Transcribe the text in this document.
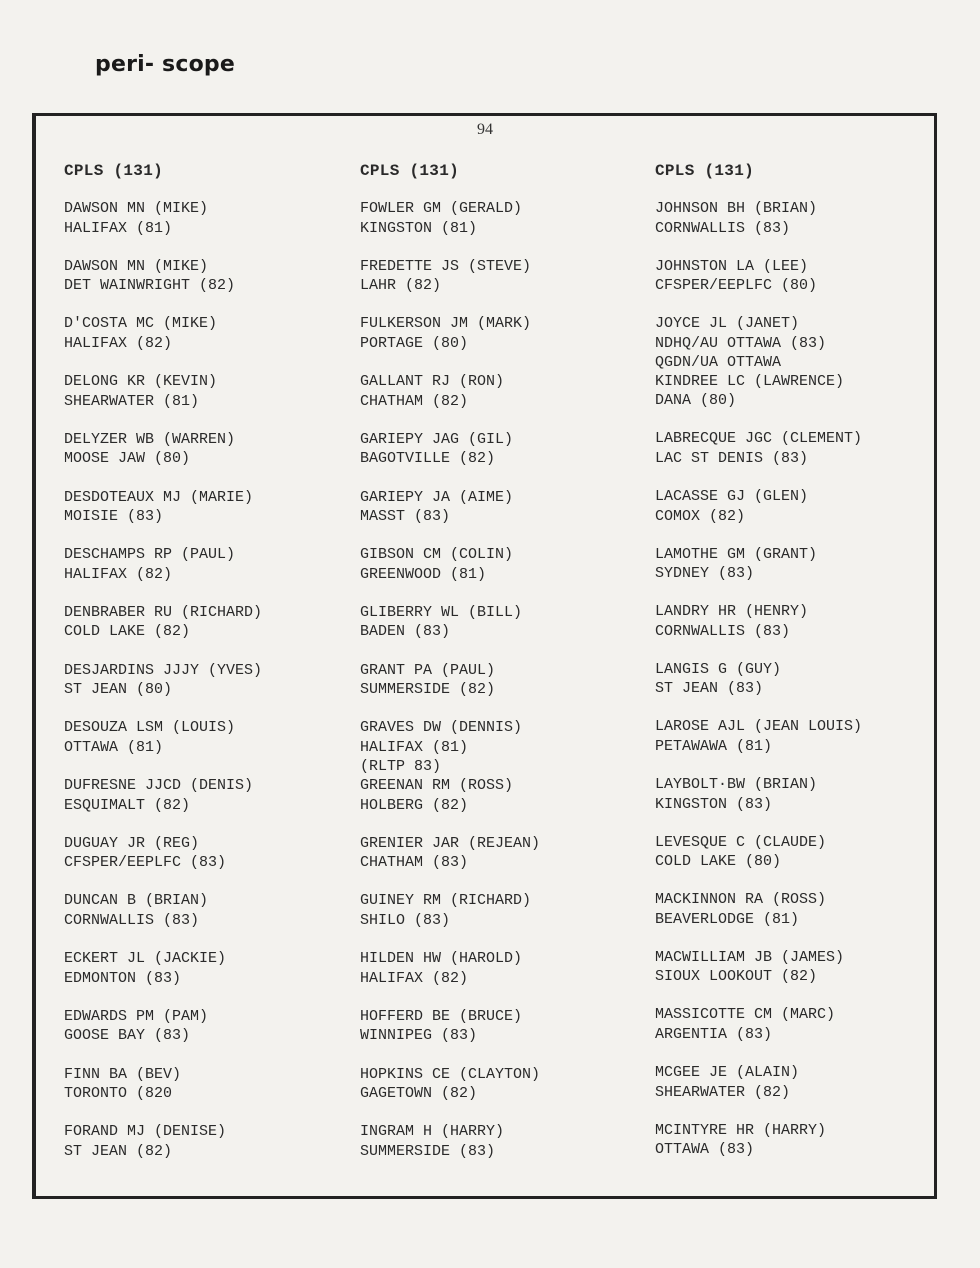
peri- scope
94
CPLS (131)
DAWSON MN (MIKE)
HALIFAX (81)
DAWSON MN (MIKE)
DET WAINWRIGHT (82)
D'COSTA MC (MIKE)
HALIFAX (82)
DELONG KR (KEVIN)
SHEARWATER (81)
DELYZER WB (WARREN)
MOOSE JAW (80)
DESDOTEAUX MJ (MARIE)
MOISIE (83)
DESCHAMPS RP (PAUL)
HALIFAX (82)
DENBRABER RU (RICHARD)
COLD LAKE (82)
DESJARDINS JJJY (YVES)
ST JEAN (80)
DESOUZA LSM (LOUIS)
OTTAWA (81)
DUFRESNE JJCD (DENIS)
ESQUIMALT (82)
DUGUAY JR (REG)
CFSPER/EEPLFC (83)
DUNCAN B (BRIAN)
CORNWALLIS (83)
ECKERT JL (JACKIE)
EDMONTON (83)
EDWARDS PM (PAM)
GOOSE BAY (83)
FINN BA (BEV)
TORONTO (820
FORAND MJ (DENISE)
ST JEAN (82)
CPLS (131)
FOWLER GM (GERALD)
KINGSTON (81)
FREDETTE JS (STEVE)
LAHR (82)
FULKERSON JM (MARK)
PORTAGE (80)
GALLANT RJ (RON)
CHATHAM (82)
GARIEPY JAG (GIL)
BAGOTVILLE (82)
GARIEPY JA (AIME)
MASST (83)
GIBSON CM (COLIN)
GREENWOOD (81)
GLIBERRY WL (BILL)
BADEN (83)
GRANT PA (PAUL)
SUMMERSIDE (82)
GRAVES DW (DENNIS)
HALIFAX (81)
(RLTP 83)
GREENAN RM (ROSS)
HOLBERG (82)
GRENIER JAR (REJEAN)
CHATHAM (83)
GUINEY RM (RICHARD)
SHILO (83)
HILDEN HW (HAROLD)
HALIFAX (82)
HOFFERD BE (BRUCE)
WINNIPEG (83)
HOPKINS CE (CLAYTON)
GAGETOWN (82)
INGRAM H (HARRY)
SUMMERSIDE (83)
CPLS (131)
JOHNSON BH (BRIAN)
CORNWALLIS (83)
JOHNSTON LA (LEE)
CFSPER/EEPLFC (80)
JOYCE JL (JANET)
NDHQ/AU OTTAWA (83)
QGDN/UA OTTAWA
KINDREE LC (LAWRENCE)
DANA (80)
LABRECQUE JGC (CLEMENT)
LAC ST DENIS (83)
LACASSE GJ (GLEN)
COMOX (82)
LAMOTHE GM (GRANT)
SYDNEY (83)
LANDRY HR (HENRY)
CORNWALLIS (83)
LANGIS G (GUY)
ST JEAN (83)
LAROSE AJL (JEAN LOUIS)
PETAWAWA (81)
LAYBOLT·BW (BRIAN)
KINGSTON (83)
LEVESQUE C (CLAUDE)
COLD LAKE (80)
MACKINNON RA (ROSS)
BEAVERLODGE (81)
MACWILLIAM JB (JAMES)
SIOUX LOOKOUT (82)
MASSICOTTE CM (MARC)
ARGENTIA (83)
MCGEE JE (ALAIN)
SHEARWATER (82)
MCINTYRE HR (HARRY)
OTTAWA (83)
